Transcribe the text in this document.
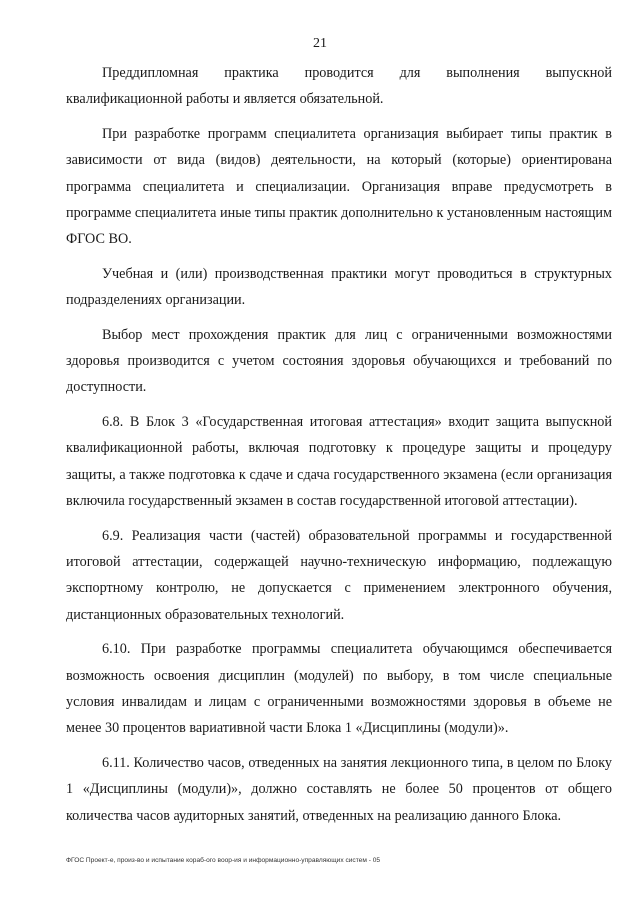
21

Преддипломная практика проводится для выполнения выпускной квалификационной работы и является обязательной.

При разработке программ специалитета организация выбирает типы практик в зависимости от вида (видов) деятельности, на который (которые) ориентирована программа специалитета и специализации. Организация вправе предусмотреть в программе специалитета иные типы практик дополнительно к установленным настоящим ФГОС ВО.

Учебная и (или) производственная практики могут проводиться в структурных подразделениях организации.

Выбор мест прохождения практик для лиц с ограниченными возможностями здоровья производится с учетом состояния здоровья обучающихся и требований по доступности.

6.8. В Блок 3 «Государственная итоговая аттестация» входит защита выпускной квалификационной работы, включая подготовку к процедуре защиты и процедуру защиты, а также подготовка к сдаче и сдача государственного экзамена (если организация включила государственный экзамен в состав государственной итоговой аттестации).

6.9. Реализация части (частей) образовательной программы и государственной итоговой аттестации, содержащей научно-техническую информацию, подлежащую экспортному контролю, не допускается с применением электронного обучения, дистанционных образовательных технологий.

6.10. При разработке программы специалитета обучающимся обеспечивается возможность освоения дисциплин (модулей) по выбору, в том числе специальные условия инвалидам и лицам с ограниченными возможностями здоровья в объеме не менее 30 процентов вариативной части Блока 1 «Дисциплины (модули)».

6.11. Количество часов, отведенных на занятия лекционного типа, в целом по Блоку 1 «Дисциплины (модули)», должно составлять не более 50 процентов от общего количества часов аудиторных занятий, отведенных на реализацию данного Блока.

ФГОС Проект-е, произ-во и испытание кораб-ого воор-ия и информационно-управляющих систем - 05
